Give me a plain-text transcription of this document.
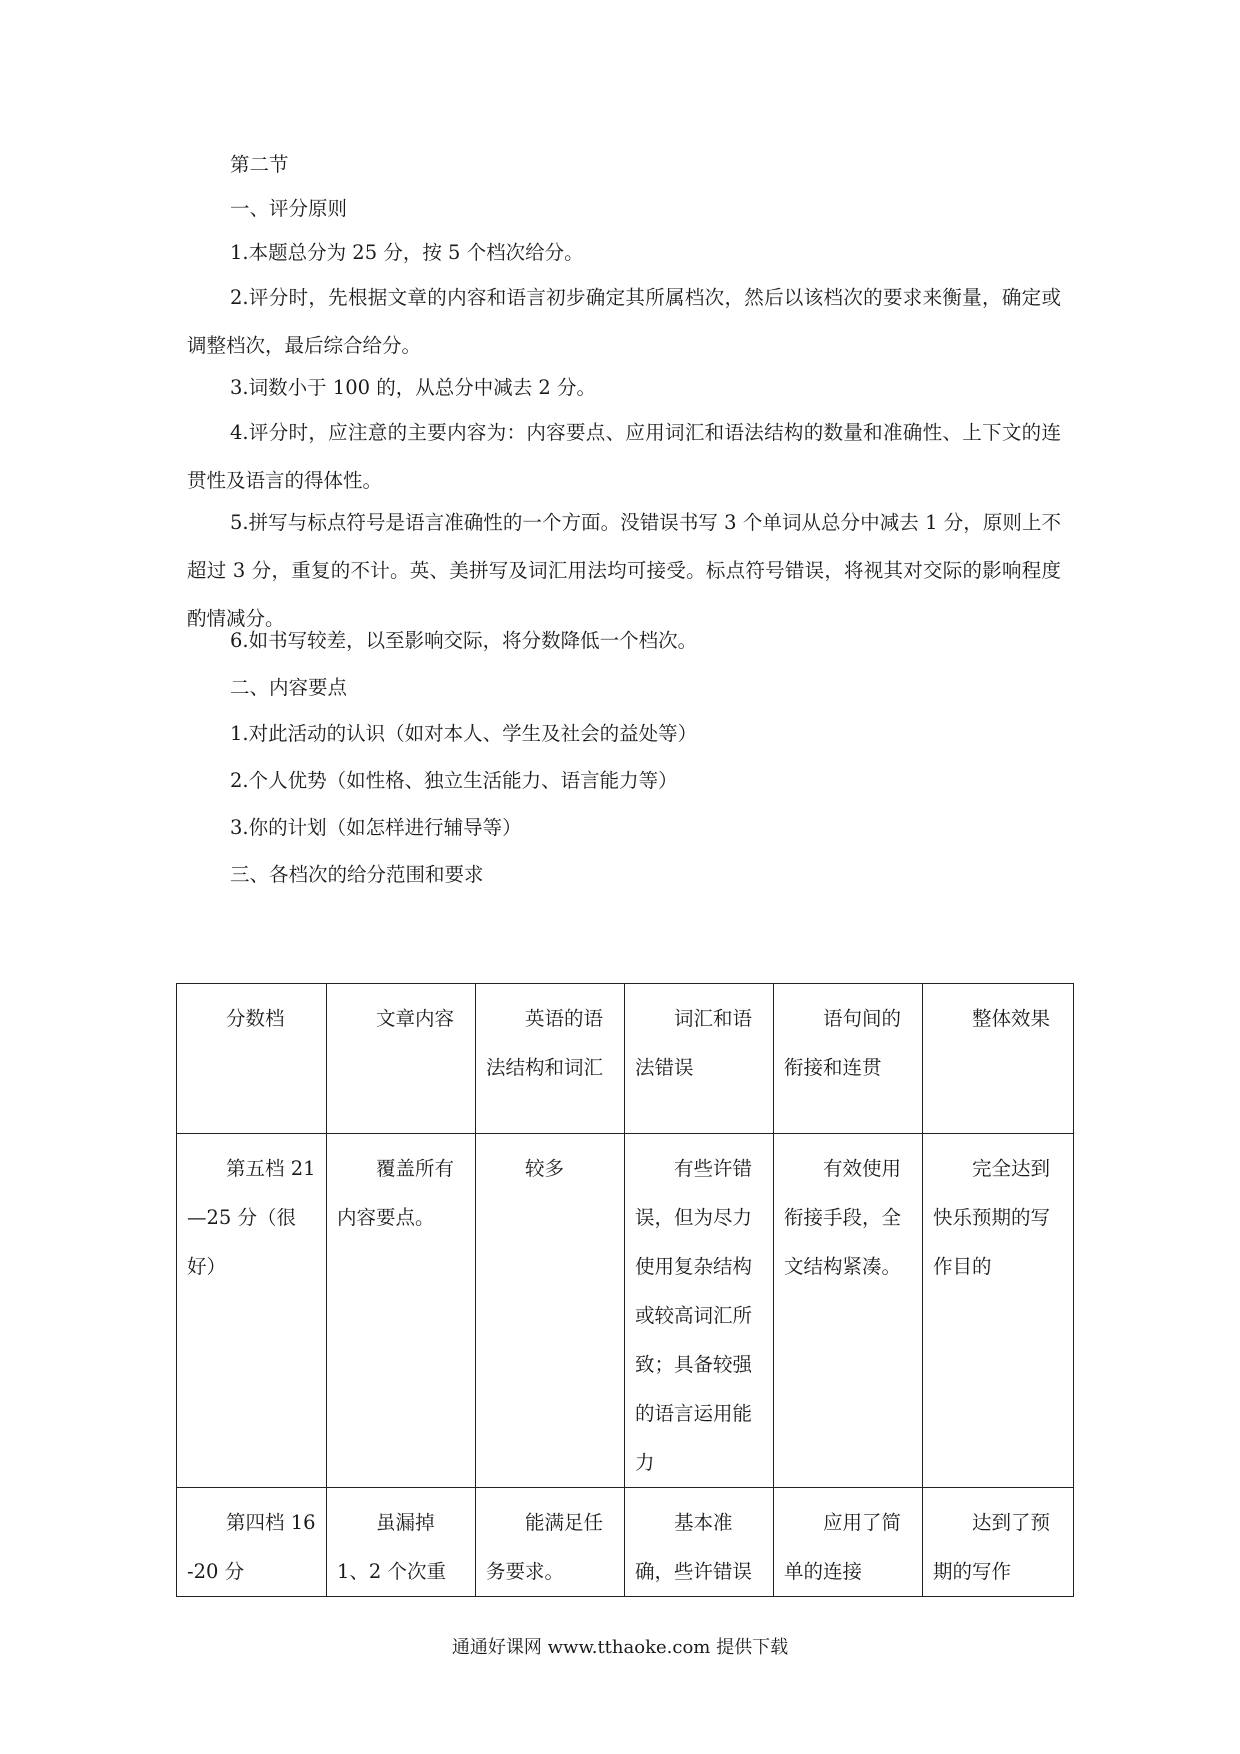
第二节

一、评分原则

1.本题总分为 25 分，按 5 个档次给分。

2.评分时，先根据文章的内容和语言初步确定其所属档次，然后以该档次的要求来衡量，确定或调整档次，最后综合给分。

3.词数小于 100 的，从总分中减去 2 分。

4.评分时，应注意的主要内容为：内容要点、应用词汇和语法结构的数量和准确性、上下文的连贯性及语言的得体性。

5.拼写与标点符号是语言准确性的一个方面。没错误书写 3 个单词从总分中减去 1 分，原则上不超过 3 分，重复的不计。英、美拼写及词汇用法均可接受。标点符号错误，将视其对交际的影响程度酌情减分。

6.如书写较差，以至影响交际，将分数降低一个档次。

二、内容要点

1.对此活动的认识（如对本人、学生及社会的益处等）

2.个人优势（如性格、独立生活能力、语言能力等）

3.你的计划（如怎样进行辅导等）

三、各档次的给分范围和要求

分数档	文章内容	英语的语法结构和词汇	词汇和语法错误	语句间的衔接和连贯	整体效果

第五档 21—25 分（很好）	覆盖所有内容要点。	较多	有些许错误，但为尽力使用复杂结构或较高词汇所致；具备较强的语言运用能力	有效使用衔接手段，全文结构紧凑。	完全达到快乐预期的写作目的

第四档 16-20 分	虽漏掉 1、2 个次重	能满足任务要求。	基本准确，些许错误	应用了简单的连接	达到了预期的写作
通通好课网 www.tthaoke.com 提供下载
